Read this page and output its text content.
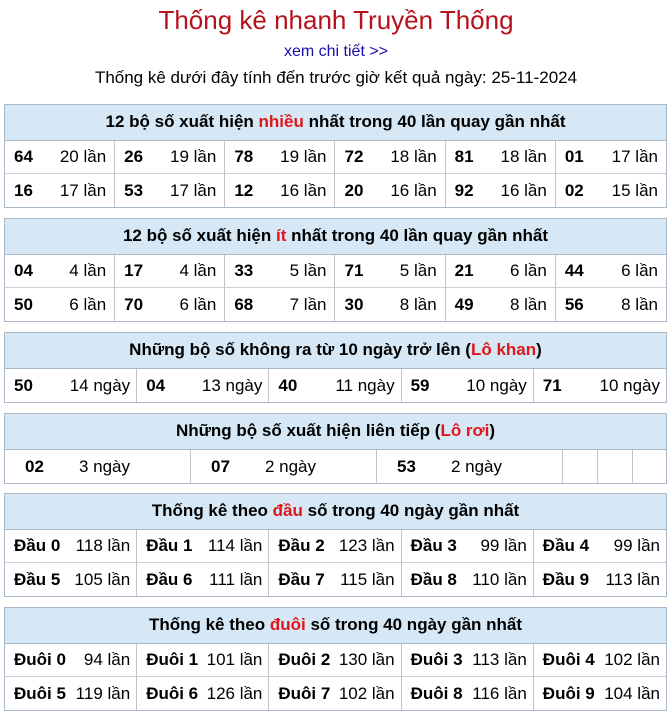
Thống kê nhanh Truyền Thống
xem chi tiết >>
Thống kê dưới đây tính đến trước giờ kết quả ngày: 25-11-2024
12 bộ số xuất hiện nhiều nhất trong 40 lần quay gần nhất
64 20 lần 26 19 lần 78 19 lần 72 18 lần 81 18 lần 01 17 lần
16 17 lần 53 17 lần 12 16 lần 20 16 lần 92 16 lần 02 15 lần
12 bộ số xuất hiện ít nhất trong 40 lần quay gần nhất
04 4 lần 17 4 lần 33 5 lần 71 5 lần 21 6 lần 44 6 lần
50 6 lần 70 6 lần 68 7 lần 30 8 lần 49 8 lần 56 8 lần
Những bộ số không ra từ 10 ngày trở lên (Lô khan)
50 14 ngày 04 13 ngày 40 11 ngày 59 10 ngày 71 10 ngày
Những bộ số xuất hiện liên tiếp (Lô rơi)
02 3 ngày	07 2 ngày	53 2 ngày
Thống kê theo đầu số trong 40 ngày gần nhất
Đầu 0 118 lần Đầu 1 114 lần Đầu 2 123 lần Đầu 3 99 lần Đầu 4 99 lần
Đầu 5 105 lần Đầu 6 111 lần Đầu 7 115 lần Đầu 8 110 lần Đầu 9 113 lần
Thống kê theo đuôi số trong 40 ngày gần nhất
Đuôi 0 94 lần Đuôi 1 101 lần Đuôi 2 130 lần Đuôi 3 113 lần Đuôi 4 102 lần
Đuôi 5 119 lần Đuôi 6 126 lần Đuôi 7 102 lần Đuôi 8 116 lần Đuôi 9 104 lần
